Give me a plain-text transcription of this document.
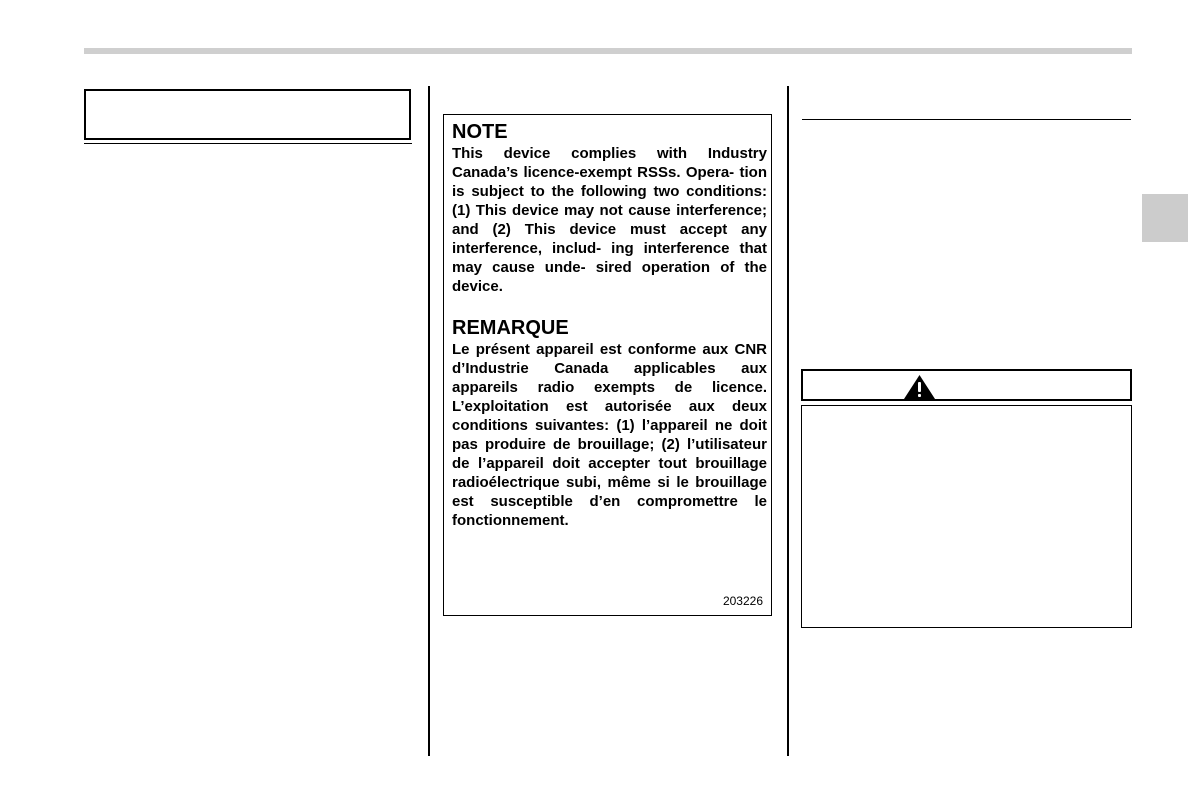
NOTE

This device complies with Industry Canada’s licence-exempt RSSs. Opera- tion is subject to the following two conditions: (1) This device may not cause interference; and (2) This device must accept any interference, includ- ing interference that may cause unde- sired operation of the device.

REMARQUE

Le présent appareil est conforme aux CNR d’Industrie Canada applicables aux appareils radio exempts de licence. L’exploitation est autorisée aux deux conditions suivantes: (1) l’appareil ne doit pas produire de brouillage; (2) l’utilisateur de l’appareil doit accepter tout brouillage radioélectrique subi, même si le brouillage est susceptible d’en compromettre le fonctionnement.

203226
